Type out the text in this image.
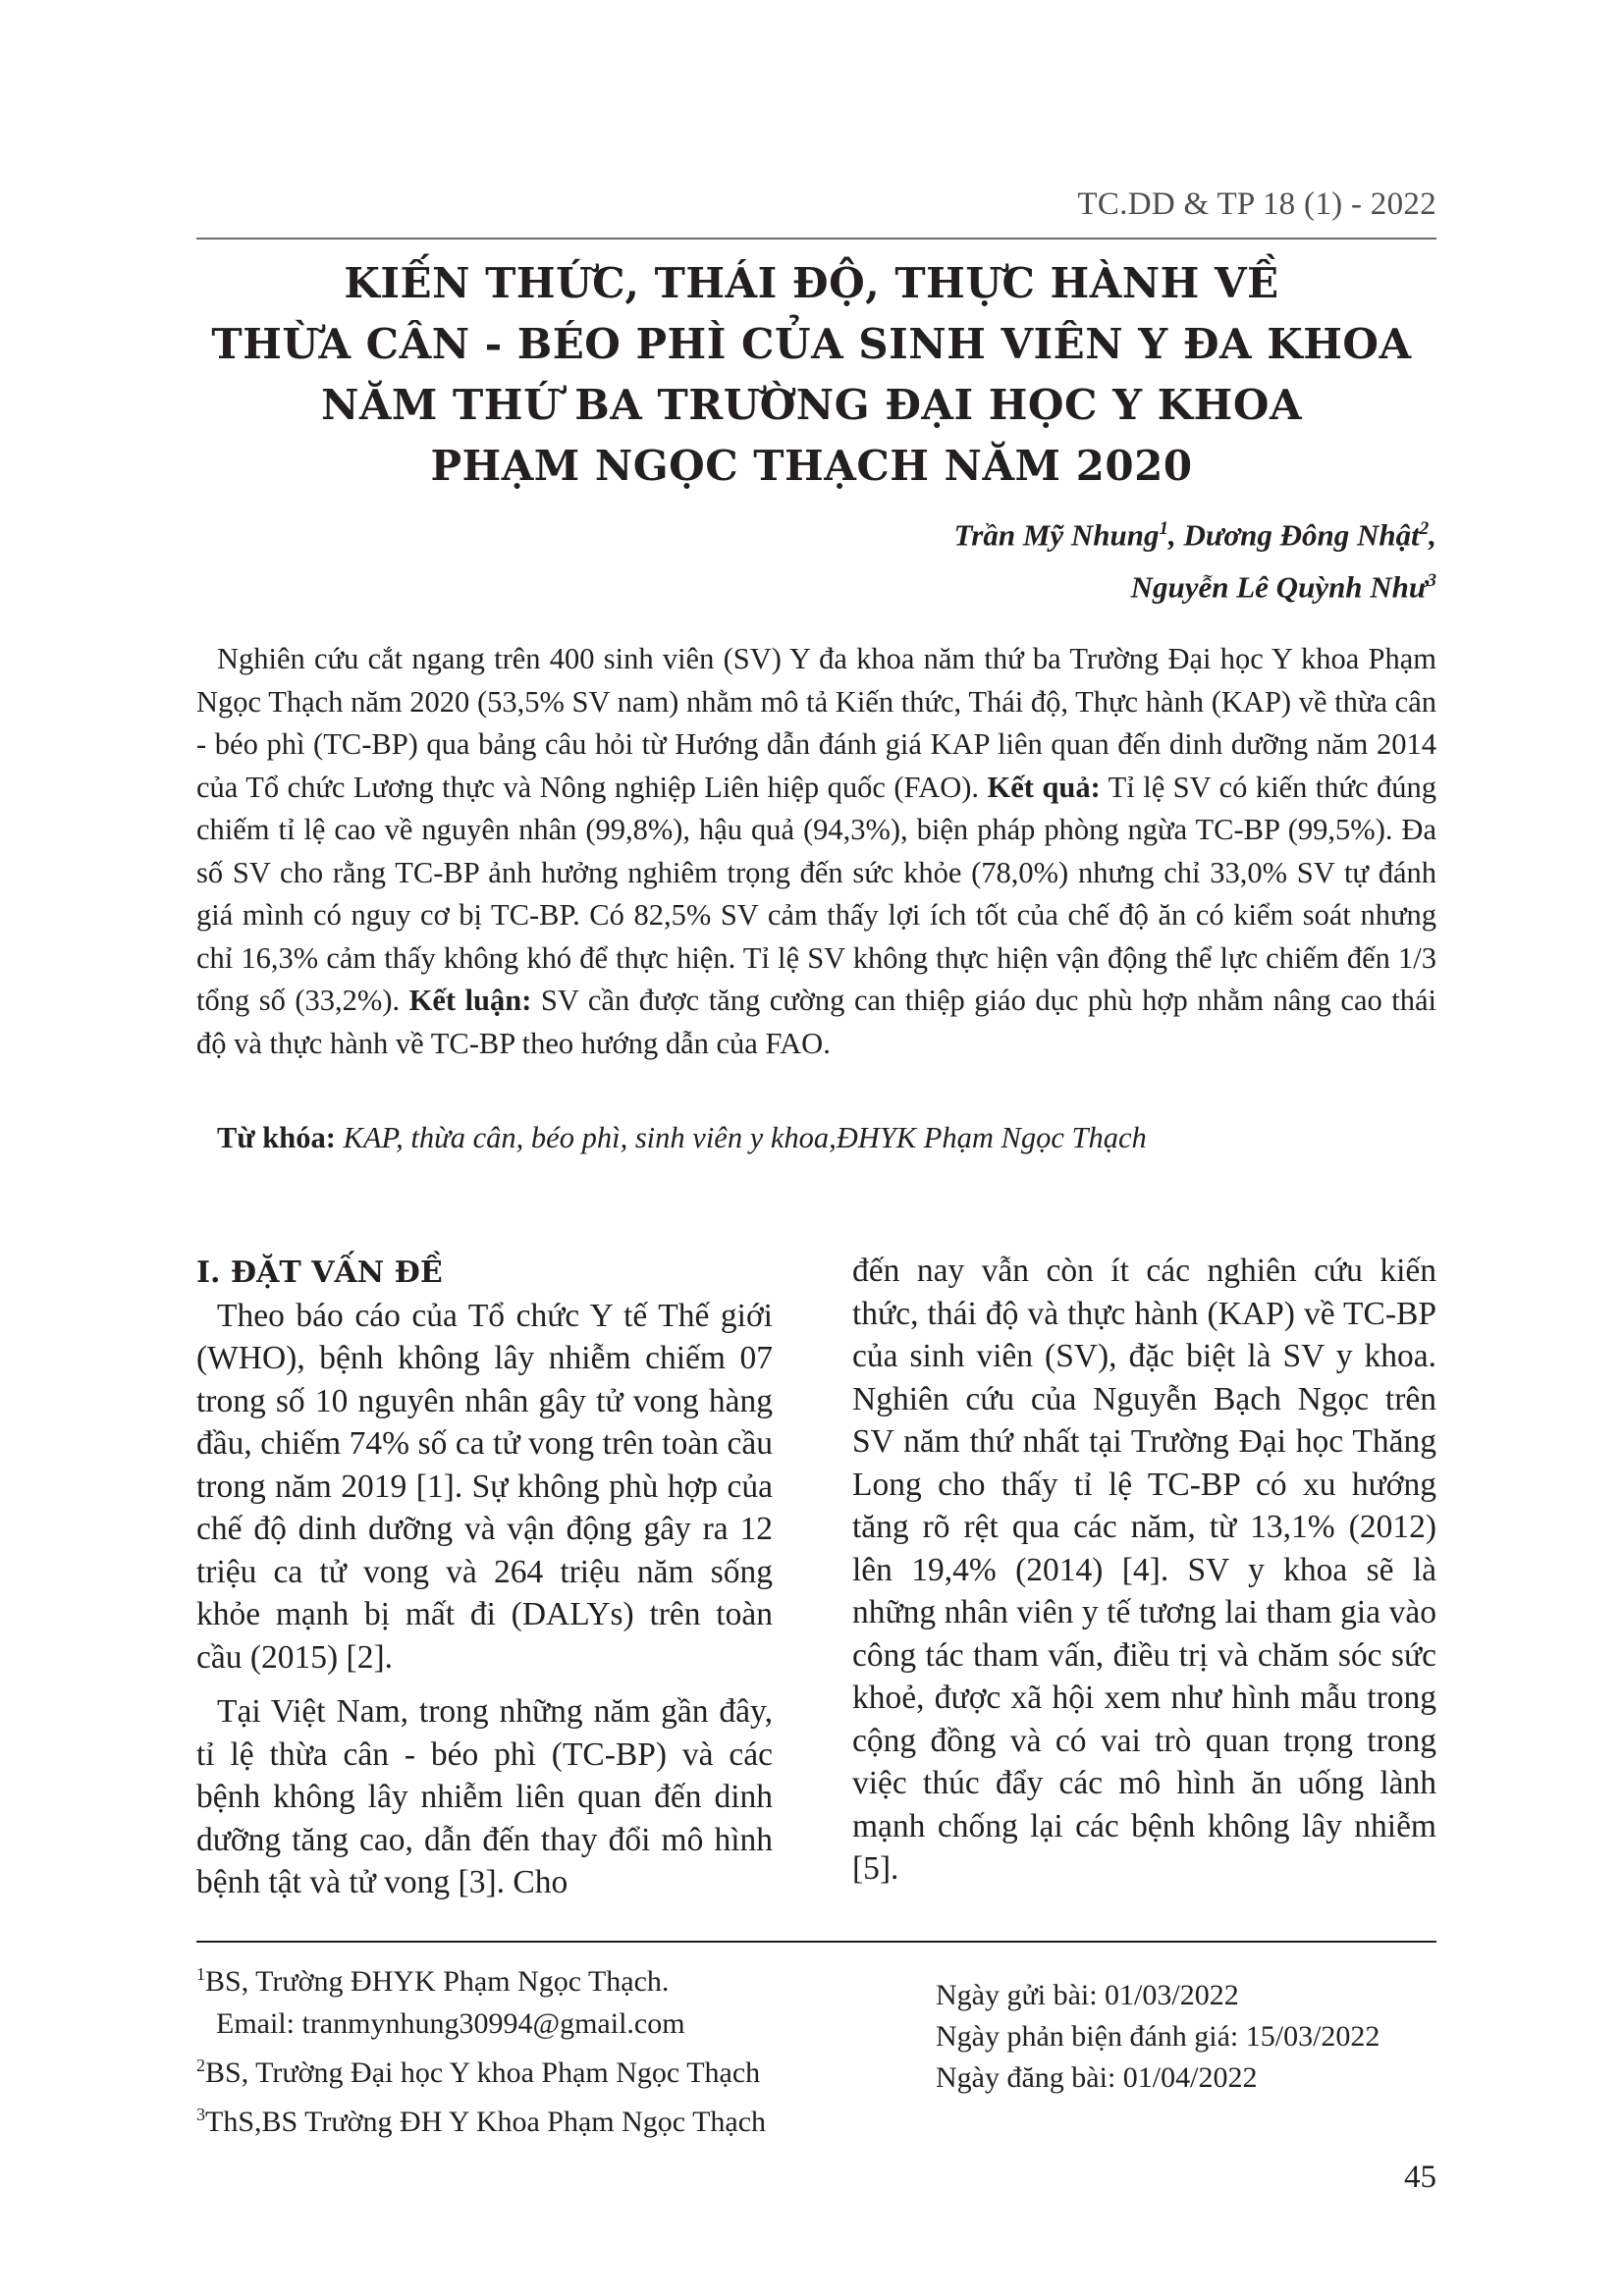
TC.DD & TP 18 (1) - 2022
KIẾN THỨC, THÁI ĐỘ, THỰC HÀNH VỀ
THỪA CÂN - BÉO PHÌ CỦA SINH VIÊN Y ĐA KHOA
NĂM THỨ BA TRƯỜNG ĐẠI HỌC Y KHOA
PHẠM NGỌC THẠCH NĂM 2020
Trần Mỹ Nhung$^1$, Dương Đông Nhật$^2$,
Nguyễn Lê Quỳnh Như$^3$
Nghiên cứu cắt ngang trên 400 sinh viên (SV) Y đa khoa năm thứ ba Trường Đại học Y khoa Phạm Ngọc Thạch năm 2020 (53,5% SV nam) nhằm mô tả Kiến thức, Thái độ, Thực hành (KAP) về thừa cân - béo phì (TC-BP) qua bảng câu hỏi từ Hướng dẫn đánh giá KAP liên quan đến dinh dưỡng năm 2014 của Tổ chức Lương thực và Nông nghiệp Liên hiệp quốc (FAO). Kết quả: Tỉ lệ SV có kiến thức đúng chiếm tỉ lệ cao về nguyên nhân (99,8%), hậu quả (94,3%), biện pháp phòng ngừa TC-BP (99,5%). Đa số SV cho rằng TC-BP ảnh hưởng nghiêm trọng đến sức khỏe (78,0%) nhưng chỉ 33,0% SV tự đánh giá mình có nguy cơ bị TC-BP. Có 82,5% SV cảm thấy lợi ích tốt của chế độ ăn có kiểm soát nhưng chỉ 16,3% cảm thấy không khó để thực hiện. Tỉ lệ SV không thực hiện vận động thể lực chiếm đến 1/3 tổng số (33,2%). Kết luận: SV cần được tăng cường can thiệp giáo dục phù hợp nhằm nâng cao thái độ và thực hành về TC-BP theo hướng dẫn của FAO.
Từ khóa: KAP, thừa cân, béo phì, sinh viên y khoa,ĐHYK Phạm Ngọc Thạch
I. ĐẶT VẤN ĐỀ

Theo báo cáo của Tổ chức Y tế Thế giới (WHO), bệnh không lây nhiễm chiếm 07 trong số 10 nguyên nhân gây tử vong hàng đầu, chiếm 74% số ca tử vong trên toàn cầu trong năm 2019 [1]. Sự không phù hợp của chế độ dinh dưỡng và vận động gây ra 12 triệu ca tử vong và 264 triệu năm sống khỏe mạnh bị mất đi (DALYs) trên toàn cầu (2015) [2].

Tại Việt Nam, trong những năm gần đây, tỉ lệ thừa cân - béo phì (TC-BP) và các bệnh không lây nhiễm liên quan đến dinh dưỡng tăng cao, dẫn đến thay đổi mô hình bệnh tật và tử vong [3]. Cho

đến nay vẫn còn ít các nghiên cứu kiến thức, thái độ và thực hành (KAP) về TC-BP của sinh viên (SV), đặc biệt là SV y khoa. Nghiên cứu của Nguyễn Bạch Ngọc trên SV năm thứ nhất tại Trường Đại học Thăng Long cho thấy tỉ lệ TC-BP có xu hướng tăng rõ rệt qua các năm, từ 13,1% (2012) lên 19,4% (2014) [4]. SV y khoa sẽ là những nhân viên y tế tương lai tham gia vào công tác tham vấn, điều trị và chăm sóc sức khoẻ, được xã hội xem như hình mẫu trong cộng đồng và có vai trò quan trọng trong việc thúc đẩy các mô hình ăn uống lành mạnh chống lại các bệnh không lây nhiễm [5].

$^1$BS, Trường ĐHYK Phạm Ngọc Thạch.
Email: tranmynhung30994@gmail.com
$^2$BS, Trường Đại học Y khoa Phạm Ngọc Thạch
$^3$ThS,BS Trường ĐH Y Khoa Phạm Ngọc Thạch
Ngày gửi bài: 01/03/2022
Ngày phản biện đánh giá: 15/03/2022
Ngày đăng bài: 01/04/2022
45
